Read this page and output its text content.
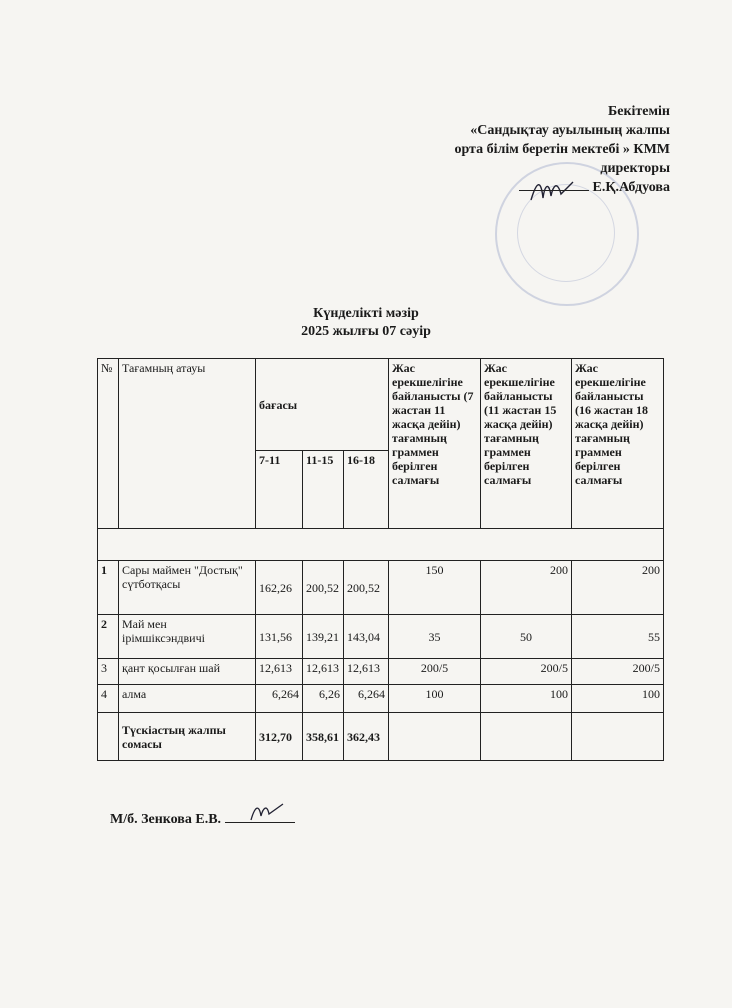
Бекітемін
«Сандықтау ауылының жалпы
орта білім беретін мектебі » КММ
директоры
Е.Қ.Абдуова
Күнделікті мәзір
2025 жылғы 07 сәуір
№	Тағамның атауы	бағасы			Жас ерекшелігіне байланысты (7 жастан 11 жасқа дейін) тағамның граммен берілген салмағы	Жас ерекшелігіне байланысты (11 жастан 15 жасқа дейін) тағамның граммен берілген салмағы	Жас ерекшелігіне байланысты (16 жастан 18 жасқа дейін) тағамның граммен берілген салмағы
		7-11	11-15	16-18			

1	Сары маймен "Достық" сүтботқасы	162,26	200,52	200,52	150	200	200
2	Май мен ірімшіксэндвичі	131,56	139,21	143,04	35	50	55
3	қант қосылған шай	12,613	12,613	12,613	200/5	200/5	200/5
4	алма	6,264	6,26	6,264	100	100	100
	Түскіастың жалпы сомасы	312,70	358,61	362,43			
М/б. Зенкова Е.В.
